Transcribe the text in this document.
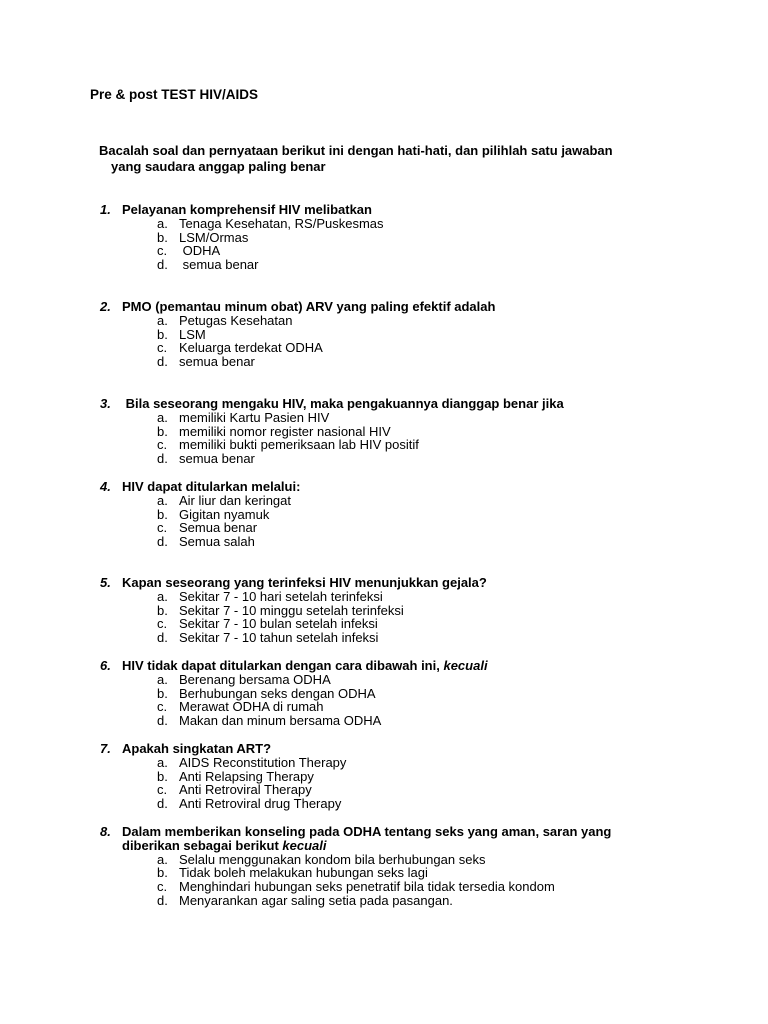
Pre & post TEST HIV/AIDS
Bacalah soal dan pernyataan berikut ini dengan hati-hati, dan pilihlah satu jawaban
yang saudara anggap paling benar
1. Pelayanan komprehensif HIV melibatkan
a. Tenaga Kesehatan, RS/Puskesmas
b. LSM/Ormas
c. ODHA
d. semua benar
2. PMO (pemantau minum obat) ARV yang paling efektif adalah
a. Petugas Kesehatan
b. LSM
c. Keluarga terdekat ODHA
d. semua benar
3. Bila seseorang mengaku HIV, maka pengakuannya dianggap benar jika
a. memiliki Kartu Pasien HIV
b. memiliki nomor register nasional HIV
c. memiliki bukti pemeriksaan lab HIV positif
d. semua benar
4. HIV dapat ditularkan melalui:
a. Air liur dan keringat
b. Gigitan nyamuk
c. Semua benar
d. Semua salah
5. Kapan seseorang yang terinfeksi HIV menunjukkan gejala?
a. Sekitar 7 - 10 hari setelah terinfeksi
b. Sekitar 7 - 10 minggu setelah terinfeksi
c. Sekitar 7 - 10 bulan setelah infeksi
d. Sekitar 7 - 10 tahun setelah infeksi
6. HIV tidak dapat ditularkan dengan cara dibawah ini, kecuali
a. Berenang bersama ODHA
b. Berhubungan seks dengan ODHA
c. Merawat ODHA di rumah
d. Makan dan minum bersama ODHA
7. Apakah singkatan ART?
a. AIDS Reconstitution Therapy
b. Anti Relapsing Therapy
c. Anti Retroviral Therapy
d. Anti Retroviral drug Therapy
8. Dalam memberikan konseling pada ODHA tentang seks yang aman, saran yang
diberikan sebagai berikut kecuali
a. Selalu menggunakan kondom bila berhubungan seks
b. Tidak boleh melakukan hubungan seks lagi
c. Menghindari hubungan seks penetratif bila tidak tersedia kondom
d. Menyarankan agar saling setia pada pasangan.
